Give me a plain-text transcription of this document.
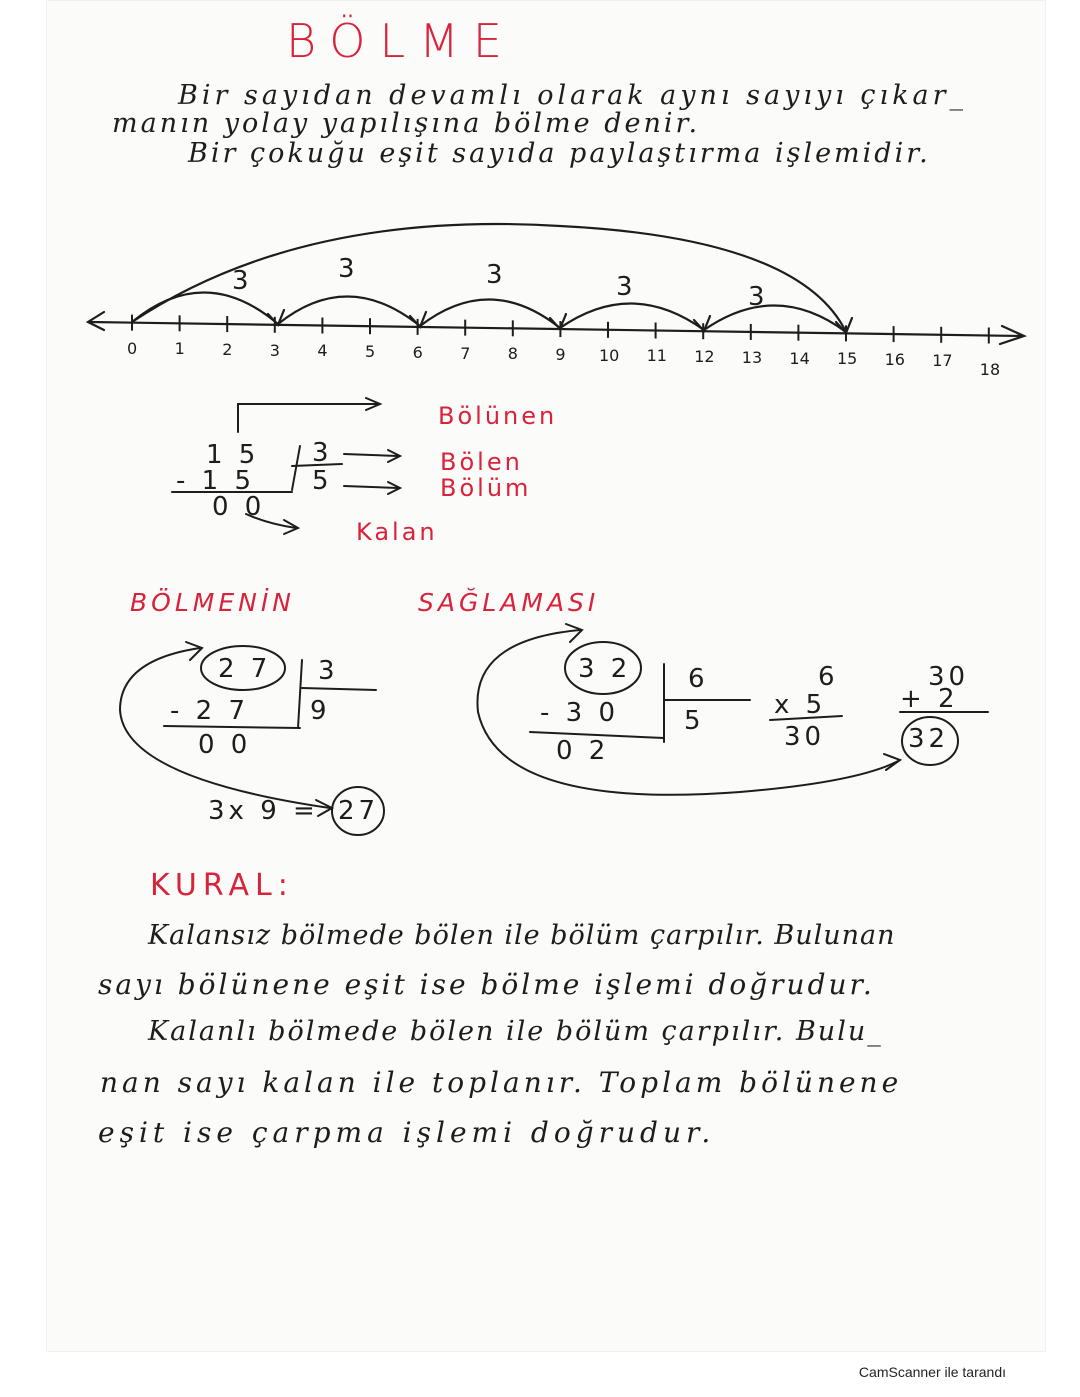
BÖLME
Bir sayıdan devamlı olarak aynı sayıyı çıkar_
manın yolay yapılışına bölme denir.
Bir çokuğu eşit sayıda paylaştırma işlemidir.
0 1 2 3 4 5 6 7 8 9 10 11 12 13 14 15 16 17 18
3	3	3	3	3
1 5 3
- 1 5 5
0 0
Bölünen
Bölen
Bölüm
Kalan
BÖLMENİN	SAĞLAMASI
2 7 3
- 2 7 9
0 0
3x 9 = 27
3 2 6
- 3 0	5
0 2
6
x 5
30
30
+ 2
32
KURAL:
Kalansız bölmede bölen ile bölüm çarpılır. Bulunan
sayı bölünene eşit ise bölme işlemi doğrudur.
Kalanlı bölmede bölen ile bölüm çarpılır. Bulu_
nan sayı kalan ile toplanır. Toplam bölünene
eşit ise çarpma işlemi doğrudur.
CamScanner ile tarandı
